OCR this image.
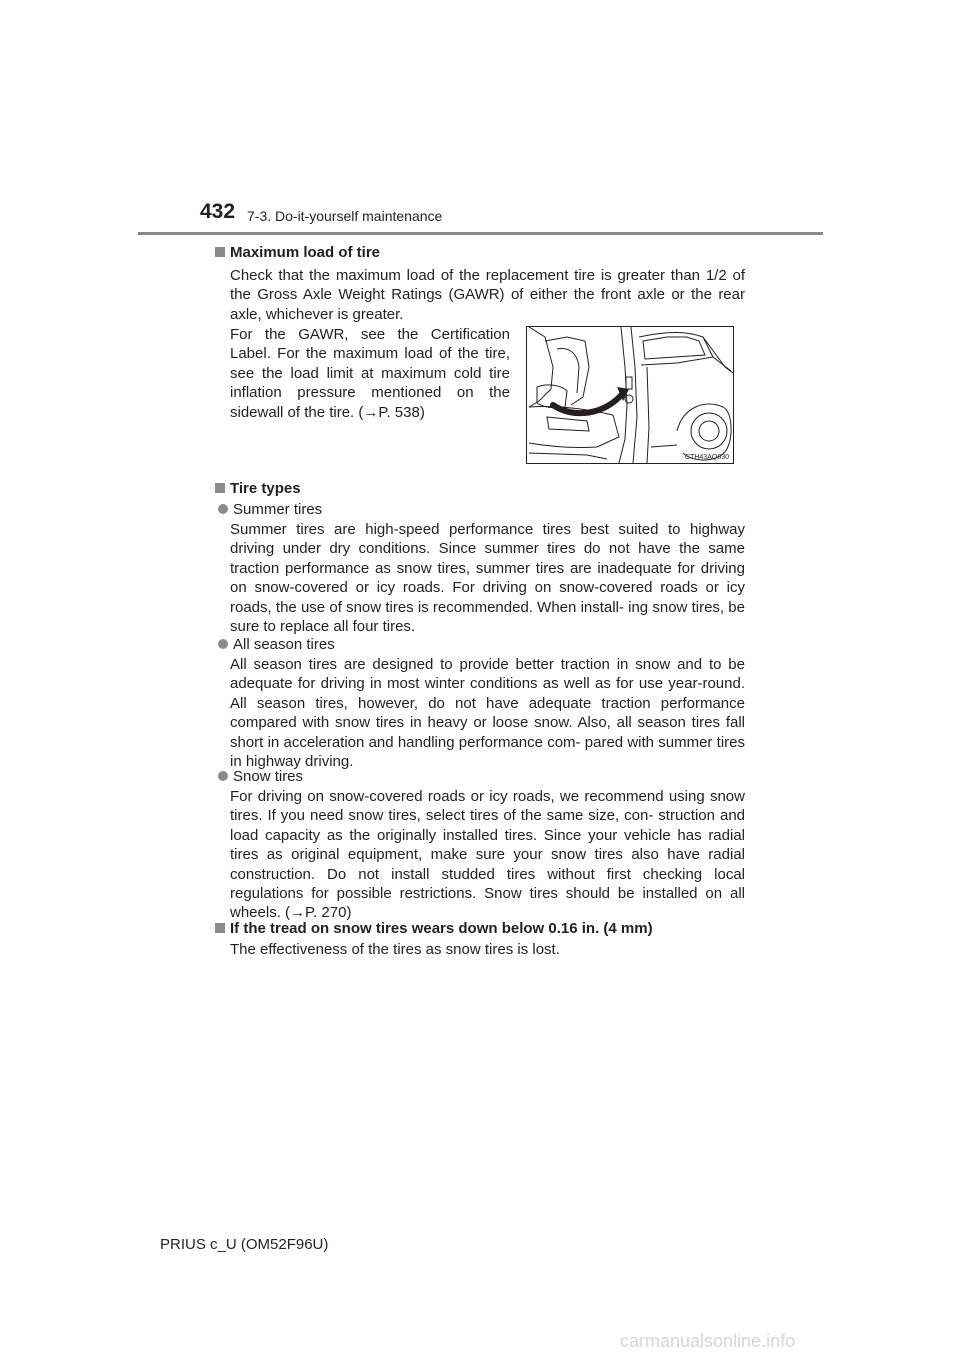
432 7-3. Do-it-yourself maintenance
Maximum load of tire
Check that the maximum load of the replacement tire is greater than 1/2 of the Gross Axle Weight Ratings (GAWR) of either the front axle or the rear axle, whichever is greater.
For the GAWR, see the Certification Label. For the maximum load of the tire, see the load limit at maximum cold tire inflation pressure mentioned on the sidewall of the tire. (→P. 538)
CTH43AQ030
Tire types
Summer tires
Summer tires are high-speed performance tires best suited to highway driving under dry conditions. Since summer tires do not have the same traction performance as snow tires, summer tires are inadequate for driving on snow-covered or icy roads. For driving on snow-covered roads or icy roads, the use of snow tires is recommended. When install- ing snow tires, be sure to replace all four tires.
All season tires
All season tires are designed to provide better traction in snow and to be adequate for driving in most winter conditions as well as for use year-round. All season tires, however, do not have adequate traction performance compared with snow tires in heavy or loose snow. Also, all season tires fall short in acceleration and handling performance com- pared with summer tires in highway driving.
Snow tires
For driving on snow-covered roads or icy roads, we recommend using snow tires. If you need snow tires, select tires of the same size, con- struction and load capacity as the originally installed tires. Since your vehicle has radial tires as original equipment, make sure your snow tires also have radial construction. Do not install studded tires without first checking local regulations for possible restrictions. Snow tires should be installed on all wheels. (→P. 270)
If the tread on snow tires wears down below 0.16 in. (4 mm)
The effectiveness of the tires as snow tires is lost.
PRIUS c_U (OM52F96U)
carmanualsonline.info
